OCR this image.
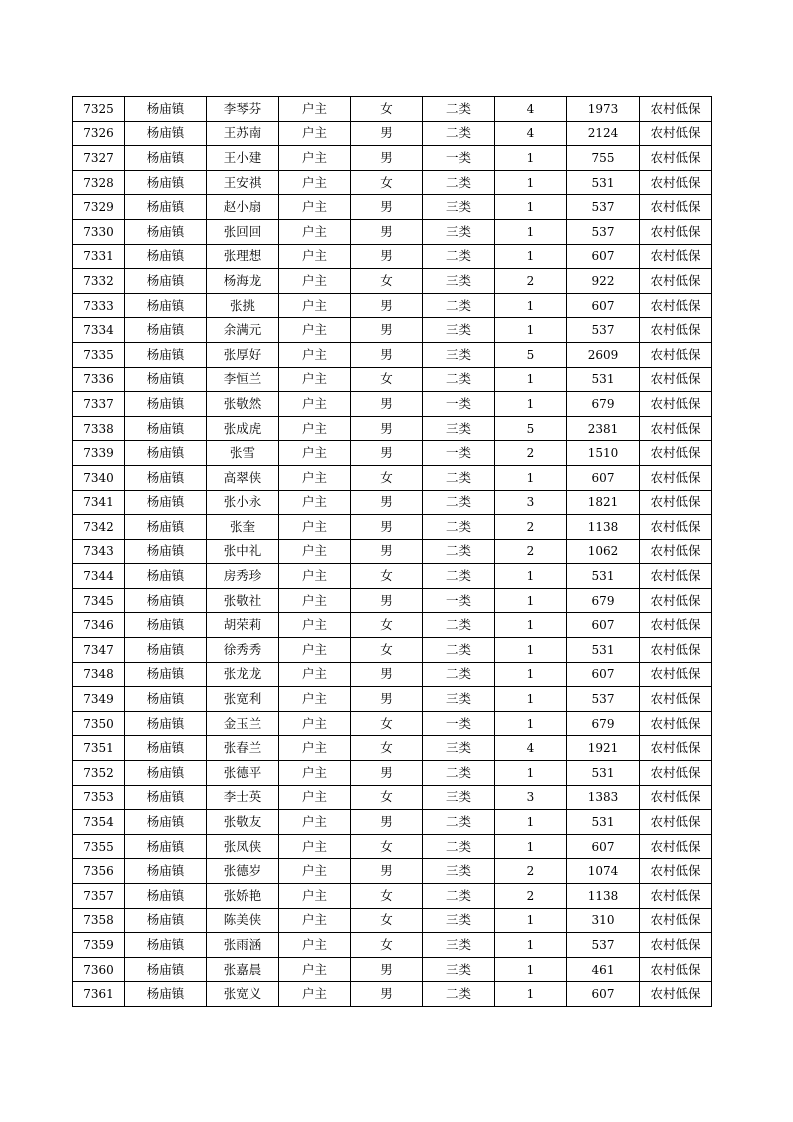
7325	杨庙镇	李琴芬	户主	女	二类	4	1973	农村低保
7326	杨庙镇	王苏南	户主	男	二类	4	2124	农村低保
7327	杨庙镇	王小建	户主	男	一类	1	755	农村低保
7328	杨庙镇	王安祺	户主	女	二类	1	531	农村低保
7329	杨庙镇	赵小扇	户主	男	三类	1	537	农村低保
7330	杨庙镇	张回回	户主	男	三类	1	537	农村低保
7331	杨庙镇	张理想	户主	男	二类	1	607	农村低保
7332	杨庙镇	杨海龙	户主	女	三类	2	922	农村低保
7333	杨庙镇	张挑	户主	男	二类	1	607	农村低保
7334	杨庙镇	余满元	户主	男	三类	1	537	农村低保
7335	杨庙镇	张厚好	户主	男	三类	5	2609	农村低保
7336	杨庙镇	李恒兰	户主	女	二类	1	531	农村低保
7337	杨庙镇	张敬然	户主	男	一类	1	679	农村低保
7338	杨庙镇	张成虎	户主	男	三类	5	2381	农村低保
7339	杨庙镇	张雪	户主	男	一类	2	1510	农村低保
7340	杨庙镇	高翠侠	户主	女	二类	1	607	农村低保
7341	杨庙镇	张小永	户主	男	二类	3	1821	农村低保
7342	杨庙镇	张奎	户主	男	二类	2	1138	农村低保
7343	杨庙镇	张中礼	户主	男	二类	2	1062	农村低保
7344	杨庙镇	房秀珍	户主	女	二类	1	531	农村低保
7345	杨庙镇	张敬社	户主	男	一类	1	679	农村低保
7346	杨庙镇	胡荣莉	户主	女	二类	1	607	农村低保
7347	杨庙镇	徐秀秀	户主	女	二类	1	531	农村低保
7348	杨庙镇	张龙龙	户主	男	二类	1	607	农村低保
7349	杨庙镇	张宽利	户主	男	三类	1	537	农村低保
7350	杨庙镇	金玉兰	户主	女	一类	1	679	农村低保
7351	杨庙镇	张春兰	户主	女	三类	4	1921	农村低保
7352	杨庙镇	张德平	户主	男	二类	1	531	农村低保
7353	杨庙镇	李士英	户主	女	三类	3	1383	农村低保
7354	杨庙镇	张敬友	户主	男	二类	1	531	农村低保
7355	杨庙镇	张凤侠	户主	女	二类	1	607	农村低保
7356	杨庙镇	张德岁	户主	男	三类	2	1074	农村低保
7357	杨庙镇	张娇艳	户主	女	二类	2	1138	农村低保
7358	杨庙镇	陈美侠	户主	女	三类	1	310	农村低保
7359	杨庙镇	张雨涵	户主	女	三类	1	537	农村低保
7360	杨庙镇	张嘉晨	户主	男	三类	1	461	农村低保
7361	杨庙镇	张宽义	户主	男	二类	1	607	农村低保
